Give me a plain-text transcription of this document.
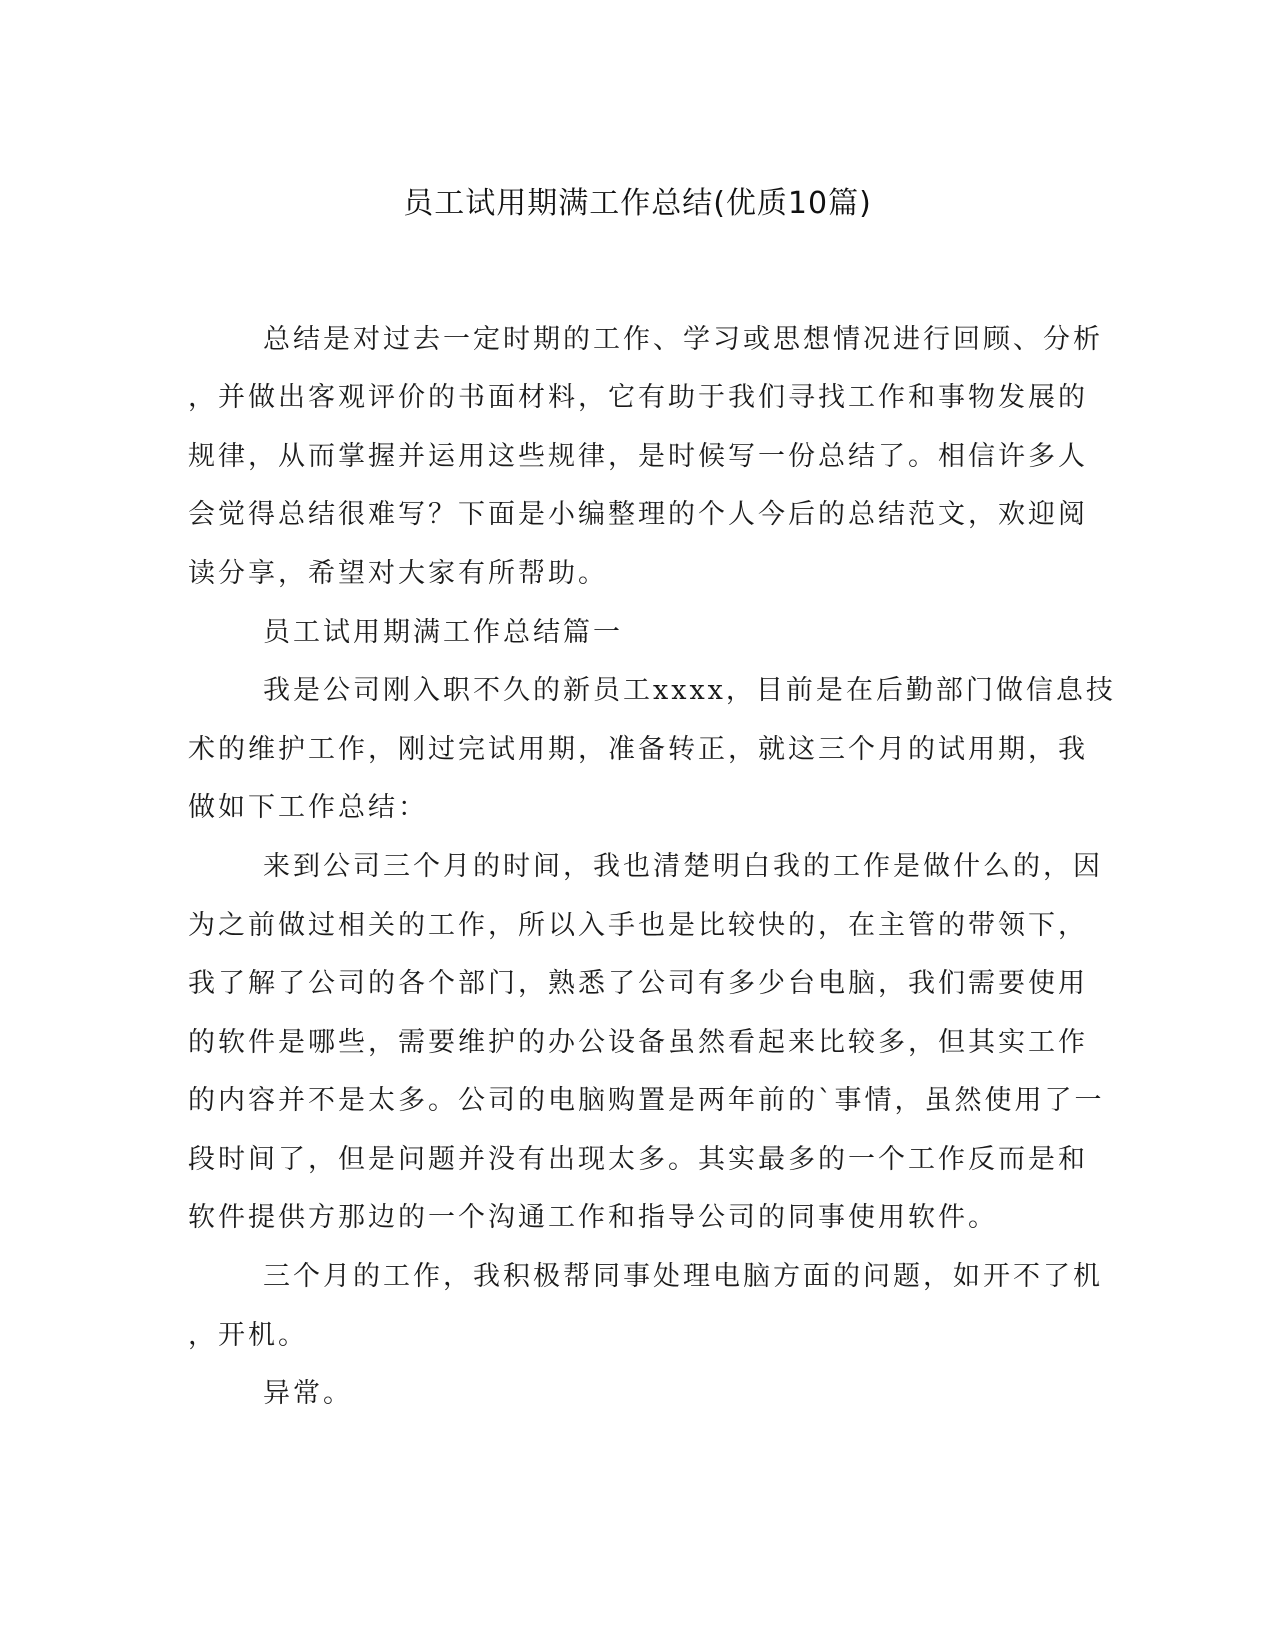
员工试用期满工作总结(优质10篇)
总结是对过去一定时期的工作、学习或思想情况进行回顾、分析
，并做出客观评价的书面材料，它有助于我们寻找工作和事物发展的
规律，从而掌握并运用这些规律，是时候写一份总结了。相信许多人
会觉得总结很难写？下面是小编整理的个人今后的总结范文，欢迎阅
读分享，希望对大家有所帮助。
员工试用期满工作总结篇一
我是公司刚入职不久的新员工xxxx，目前是在后勤部门做信息技
术的维护工作，刚过完试用期，准备转正，就这三个月的试用期，我
做如下工作总结：
来到公司三个月的时间，我也清楚明白我的工作是做什么的，因
为之前做过相关的工作，所以入手也是比较快的，在主管的带领下，
我了解了公司的各个部门，熟悉了公司有多少台电脑，我们需要使用
的软件是哪些，需要维护的办公设备虽然看起来比较多，但其实工作
的内容并不是太多。公司的电脑购置是两年前的`事情，虽然使用了一
段时间了，但是问题并没有出现太多。其实最多的一个工作反而是和
软件提供方那边的一个沟通工作和指导公司的同事使用软件。
三个月的工作，我积极帮同事处理电脑方面的问题，如开不了机
，开机。
异常。
